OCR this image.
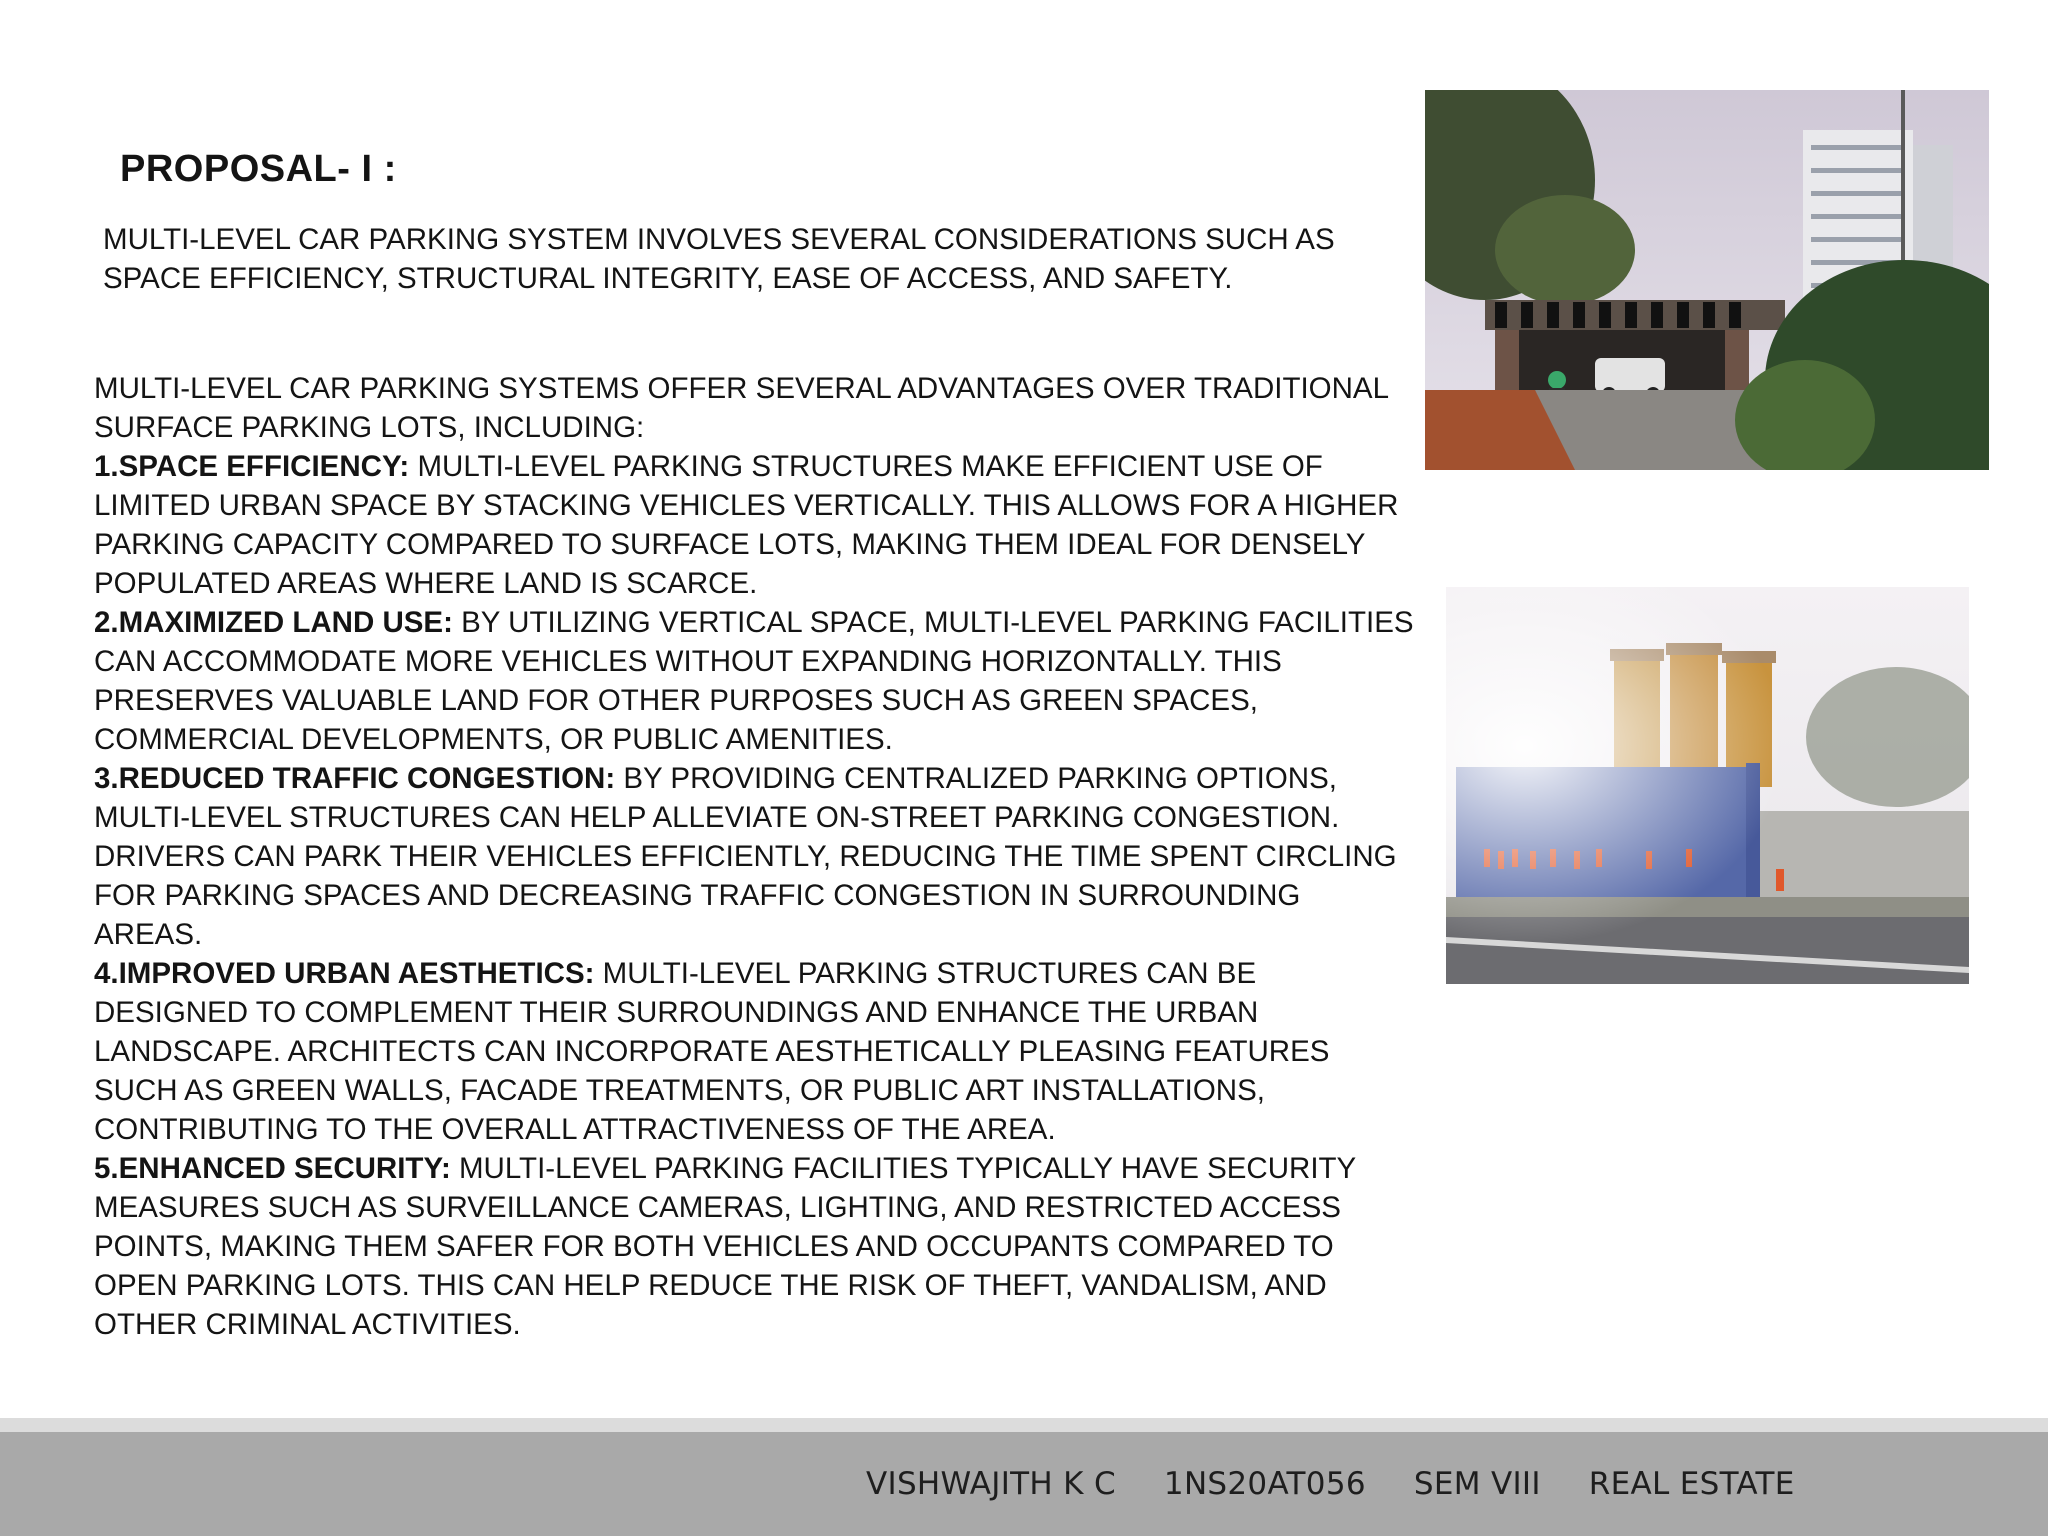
PROPOSAL- I :

MULTI-LEVEL CAR PARKING SYSTEM INVOLVES SEVERAL CONSIDERATIONS SUCH AS SPACE EFFICIENCY, STRUCTURAL INTEGRITY, EASE OF ACCESS, AND SAFETY.

MULTI-LEVEL CAR PARKING SYSTEMS OFFER SEVERAL ADVANTAGES OVER TRADITIONAL SURFACE PARKING LOTS, INCLUDING:

1.SPACE EFFICIENCY: MULTI-LEVEL PARKING STRUCTURES MAKE EFFICIENT USE OF LIMITED URBAN SPACE BY STACKING VEHICLES VERTICALLY. THIS ALLOWS FOR A HIGHER PARKING CAPACITY COMPARED TO SURFACE LOTS, MAKING THEM IDEAL FOR DENSELY POPULATED AREAS WHERE LAND IS SCARCE.

2.MAXIMIZED LAND USE: BY UTILIZING VERTICAL SPACE, MULTI-LEVEL PARKING FACILITIES CAN ACCOMMODATE MORE VEHICLES WITHOUT EXPANDING HORIZONTALLY. THIS PRESERVES VALUABLE LAND FOR OTHER PURPOSES SUCH AS GREEN SPACES, COMMERCIAL DEVELOPMENTS, OR PUBLIC AMENITIES.

3.REDUCED TRAFFIC CONGESTION: BY PROVIDING CENTRALIZED PARKING OPTIONS, MULTI-LEVEL STRUCTURES CAN HELP ALLEVIATE ON-STREET PARKING CONGESTION. DRIVERS CAN PARK THEIR VEHICLES EFFICIENTLY, REDUCING THE TIME SPENT CIRCLING FOR PARKING SPACES AND DECREASING TRAFFIC CONGESTION IN SURROUNDING AREAS.

4.IMPROVED URBAN AESTHETICS: MULTI-LEVEL PARKING STRUCTURES CAN BE DESIGNED TO COMPLEMENT THEIR SURROUNDINGS AND ENHANCE THE URBAN LANDSCAPE. ARCHITECTS CAN INCORPORATE AESTHETICALLY PLEASING FEATURES SUCH AS GREEN WALLS, FACADE TREATMENTS, OR PUBLIC ART INSTALLATIONS, CONTRIBUTING TO THE OVERALL ATTRACTIVENESS OF THE AREA.

5.ENHANCED SECURITY: MULTI-LEVEL PARKING FACILITIES TYPICALLY HAVE SECURITY MEASURES SUCH AS SURVEILLANCE CAMERAS, LIGHTING, AND RESTRICTED ACCESS POINTS, MAKING THEM SAFER FOR BOTH VEHICLES AND OCCUPANTS COMPARED TO OPEN PARKING LOTS. THIS CAN HELP REDUCE THE RISK OF THEFT, VANDALISM, AND OTHER CRIMINAL ACTIVITIES.

VISHWAJITH K C 1NS20AT056 SEM VIII REAL ESTATE
